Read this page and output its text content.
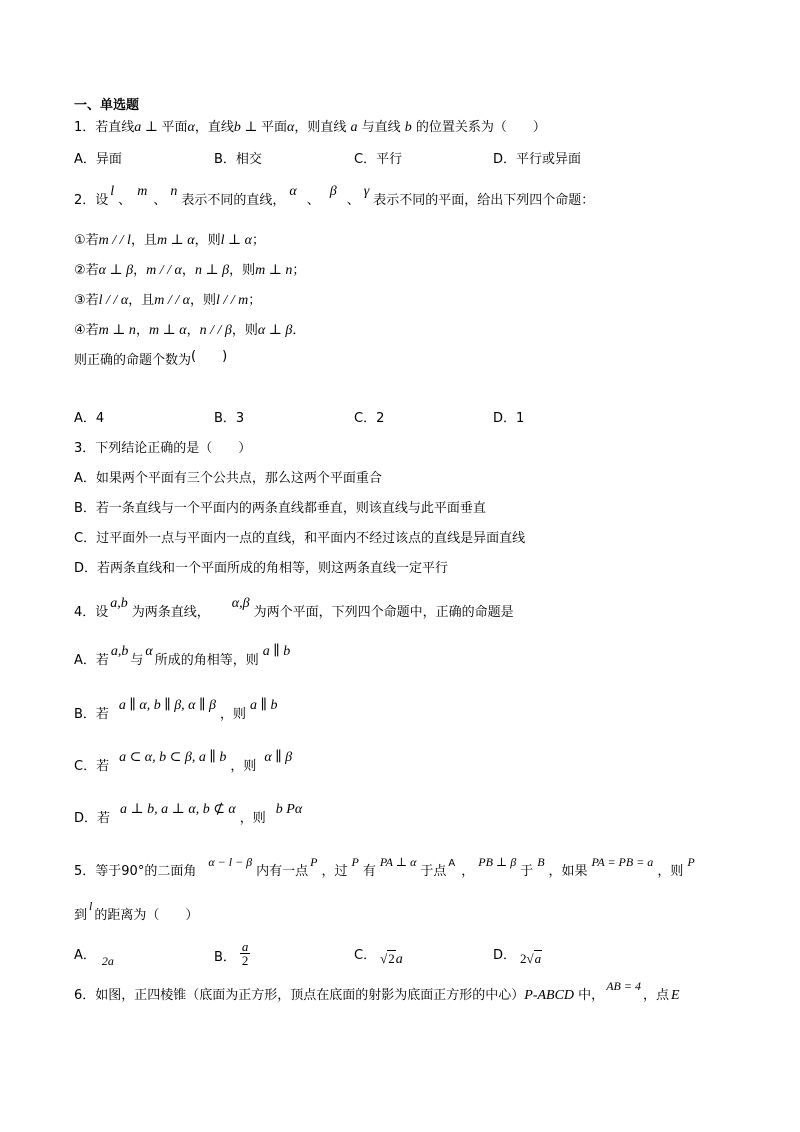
一、单选题
1．若直线a ⊥ 平面α，直线b ⊥ 平面α，则直线 a 与直线 b 的位置关系为（　　）
A．异面	B．相交	C．平行	D．平行或异面
2．设l、m、n表示不同的直线，α、β、γ表示不同的平面，给出下列四个命题：
①若m / / l，且m ⊥ α，则l ⊥ α；
②若α ⊥ β，m / / α，n ⊥ β，则m ⊥ n；
③若l / / α，且m / / α，则l / / m；
④若m ⊥ n，m ⊥ α，n / / β，则α ⊥ β．
则正确的命题个数为(　　)
A．4	B．3	C．2	D．1
3．下列结论正确的是（　　）
A．如果两个平面有三个公共点，那么这两个平面重合
B．若一条直线与一个平面内的两条直线都垂直，则该直线与此平面垂直
C．过平面外一点与平面内一点的直线，和平面内不经过该点的直线是异面直线
D．若两条直线和一个平面所成的角相等，则这两条直线一定平行
4．设a,b为两条直线，α,β为两个平面，下列四个命题中，正确的命题是
A．若a,b与α所成的角相等，则a ∥ b
B．若a ∥ α, b ∥ β, α ∥ β，则a ∥ b
C．若a ⊂ α, b ⊂ β, a ∥ b，则α ∥ β
D．若a ⊥ b, a ⊥ α, b ⊄ α，则b Pα
5．等于90°的二面角α − l − β内有一点P，过P有PA ⊥ α于点$^A$，PB ⊥ β于B，如果PA = PB = a，则P
到l的距离为（　　）
A． 2a	B． $\frac{a}{2}$	C． √2a	D． 2√a
6．如图，正四棱锥（底面为正方形，顶点在底面的射影为底面正方形的中心）P-ABCD 中，AB = 4，点 E
